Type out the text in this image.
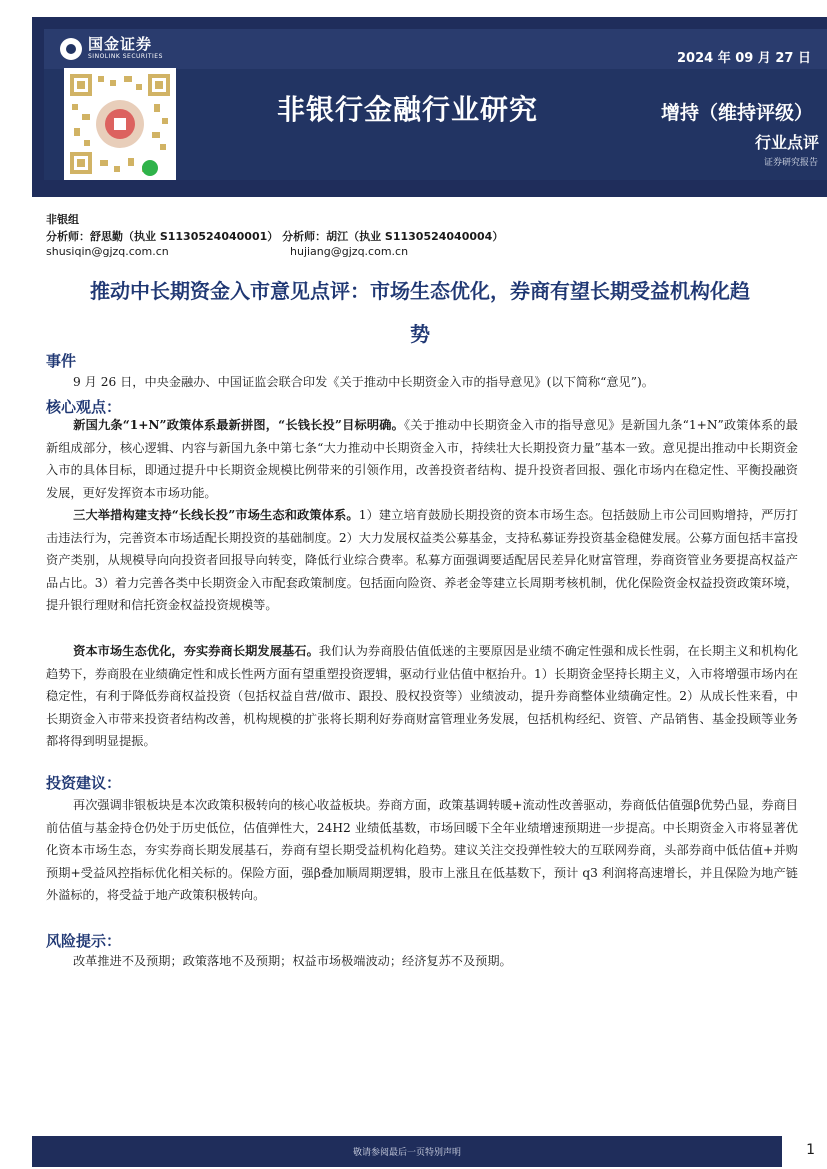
国金证券
SINOLINK SECURITIES	2024 年 09 月 27 日
非银行金融行业研究	增持（维持评级）
行业点评
证券研究报告
非银组
分析师：舒思勤（执业 S1130524040001） 分析师：胡江（执业 S1130524040004）
shusiqin@gjzq.com.cn	hujiang@gjzq.com.cn
推动中长期资金入市意见点评：市场生态优化，券商有望长期受益机构化趋
势
事件
9 月 26 日，中央金融办、中国证监会联合印发《关于推动中长期资金入市的指导意见》(以下简称“意见”)。
核心观点：
新国九条“1+N”政策体系最新拼图，“长钱长投”目标明确。《关于推动中长期资金入市的指导意见》是新国九条“1+N”政策体系的最新组成部分，核心逻辑、内容与新国九条中第七条“大力推动中长期资金入市，持续壮大长期投资力量”基本一致。意见提出推动中长期资金入市的具体目标，即通过提升中长期资金规模比例带来的引领作用，改善投资者结构、提升投资者回报、强化市场内在稳定性、平衡投融资发展，更好发挥资本市场功能。
三大举措构建支持“长线长投”市场生态和政策体系。1）建立培育鼓励长期投资的资本市场生态。包括鼓励上市公司回购增持，严厉打击违法行为，完善资本市场适配长期投资的基础制度。2）大力发展权益类公募基金，支持私募证券投资基金稳健发展。公募方面包括丰富投资产类别，从规模导向向投资者回报导向转变，降低行业综合费率。私募方面强调要适配居民差异化财富管理，券商资管业务要提高权益产品占比。3）着力完善各类中长期资金入市配套政策制度。包括面向险资、养老金等建立长周期考核机制，优化保险资金权益投资政策环境，提升银行理财和信托资金权益投资规模等。
资本市场生态优化，夯实券商长期发展基石。我们认为券商股估值低迷的主要原因是业绩不确定性强和成长性弱，在长期主义和机构化趋势下，券商股在业绩确定性和成长性两方面有望重塑投资逻辑，驱动行业估值中枢抬升。1）长期资金坚持长期主义，入市将增强市场内在稳定性，有利于降低券商权益投资（包括权益自营/做市、跟投、股权投资等）业绩波动，提升券商整体业绩确定性。2）从成长性来看，中长期资金入市带来投资者结构改善，机构规模的扩张将长期利好券商财富管理业务发展，包括机构经纪、资管、产品销售、基金投顾等业务都将得到明显提振。
投资建议：
再次强调非银板块是本次政策积极转向的核心收益板块。券商方面，政策基调转暖+流动性改善驱动，券商低估值强β优势凸显，券商目前估值与基金持仓仍处于历史低位，估值弹性大，24H2 业绩低基数，市场回暖下全年业绩增速预期进一步提高。中长期资金入市将显著优化资本市场生态，夯实券商长期发展基石，券商有望长期受益机构化趋势。建议关注交投弹性较大的互联网券商，头部券商中低估值+并购预期+受益风控指标优化相关标的。保险方面，强β叠加顺周期逻辑，股市上涨且在低基数下，预计 q3 利润将高速增长，并且保险为地产链外溢标的，将受益于地产政策积极转向。
风险提示：
改革推进不及预期；政策落地不及预期；权益市场极端波动；经济复苏不及预期。
敬请参阅最后一页特别声明	1
